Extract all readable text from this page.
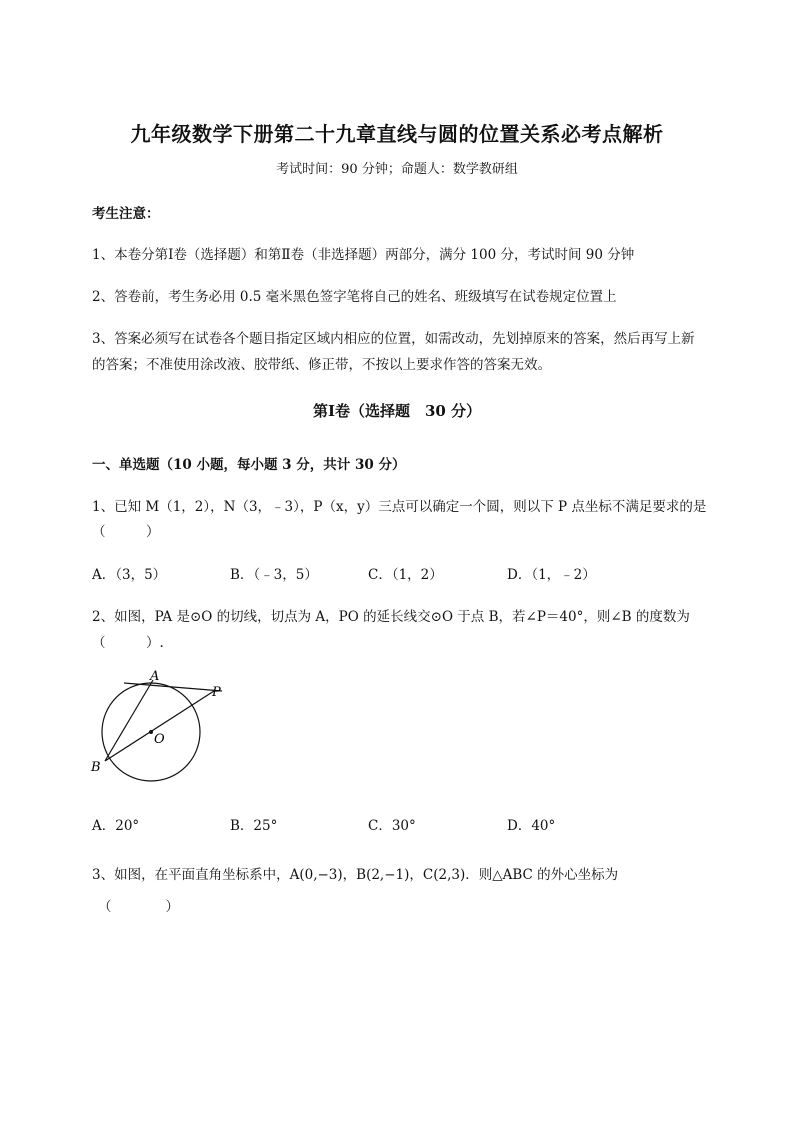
九年级数学下册第二十九章直线与圆的位置关系必考点解析
考试时间：90 分钟；命题人：数学教研组
考生注意：
1、本卷分第Ⅰ卷（选择题）和第Ⅱ卷（非选择题）两部分，满分 100 分，考试时间 90 分钟
2、答卷前，考生务必用 0.5 毫米黑色签字笔将自己的姓名、班级填写在试卷规定位置上
3、答案必须写在试卷各个题目指定区域内相应的位置，如需改动，先划掉原来的答案，然后再写上新
的答案；不准使用涂改液、胶带纸、修正带，不按以上要求作答的答案无效。
第Ⅰ卷（选择题　30 分）
一、单选题（10 小题，每小题 3 分，共计 30 分）
1、已知 M（1，2），N（3，﹣3），P（x，y）三点可以确定一个圆，则以下 P 点坐标不满足要求的是
（　　　）
A．（3，5）	B．（﹣3，5）	C．（1，2）	D．（1，﹣2）
2、如图，PA 是⊙O 的切线，切点为 A，PO 的延长线交⊙O 于点 B，若∠P＝40°，则∠B 的度数为
（　　　）.
A
P
O
B
A．20°	B．25°	C．30°	D．40°
3、如图，在平面直角坐标系中，A(0,−3)，B(2,−1)，C(2,3)．则△ABC 的外心坐标为
（　　　　）
